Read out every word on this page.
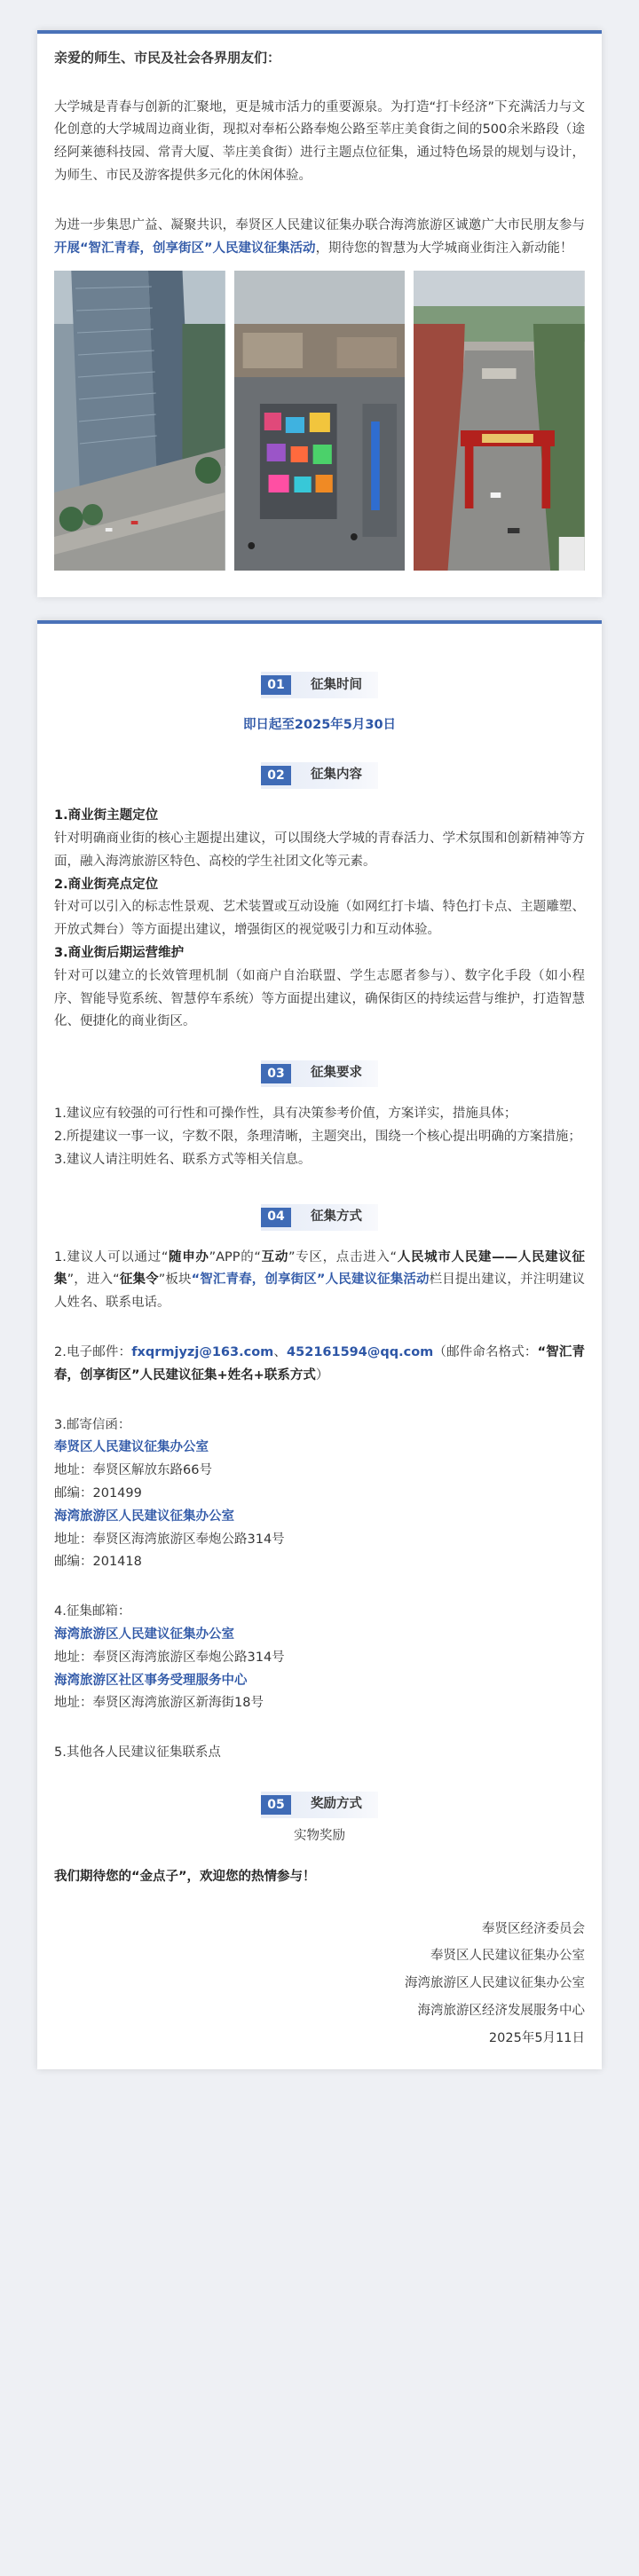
亲爱的师生、市民及社会各界朋友们：

大学城是青春与创新的汇聚地，更是城市活力的重要源泉。为打造“打卡经济”下充满活力与文化创意的大学城周边商业街，现拟对奉柘公路奉炮公路至莘庄美食街之间的500余米路段（途经阿莱德科技园、常青大厦、莘庄美食街）进行主题点位征集，通过特色场景的规划与设计，为师生、市民及游客提供多元化的休闲体验。

为进一步集思广益、凝聚共识，奉贤区人民建议征集办联合海湾旅游区诚邀广大市民朋友参与开展“智汇青春，创享街区”人民建议征集活动，期待您的智慧为大学城商业街注入新动能！

01	征集时间

即日起至2025年5月30日

02	征集内容

1.商业街主题定位

针对明确商业街的核心主题提出建议，可以围绕大学城的青春活力、学术氛围和创新精神等方面，融入海湾旅游区特色、高校的学生社团文化等元素。

2.商业街亮点定位

针对可以引入的标志性景观、艺术装置或互动设施（如网红打卡墙、特色打卡点、主题雕塑、开放式舞台）等方面提出建议，增强街区的视觉吸引力和互动体验。

3.商业街后期运营维护

针对可以建立的长效管理机制（如商户自治联盟、学生志愿者参与）、数字化手段（如小程序、智能导览系统、智慧停车系统）等方面提出建议，确保街区的持续运营与维护，打造智慧化、便捷化的商业街区。

03	征集要求

1.建议应有较强的可行性和可操作性，具有决策参考价值，方案详实，措施具体；

2.所提建议一事一议，字数不限，条理清晰，主题突出，围绕一个核心提出明确的方案措施；

3.建议人请注明姓名、联系方式等相关信息。

04	征集方式

1.建议人可以通过“随申办”APP的“互动”专区，点击进入“人民城市人民建——人民建议征集”，进入“征集令”板块“智汇青春，创享街区”人民建议征集活动栏目提出建议，并注明建议人姓名、联系电话。

2.电子邮件：fxqrmjyzj@163.com、452161594@qq.com（邮件命名格式：“智汇青春，创享街区”人民建议征集+姓名+联系方式）

3.邮寄信函：
奉贤区人民建议征集办公室
地址：奉贤区解放东路66号
邮编：201499
海湾旅游区人民建议征集办公室
地址：奉贤区海湾旅游区奉炮公路314号
邮编：201418
4.征集邮箱：
海湾旅游区人民建议征集办公室
地址：奉贤区海湾旅游区奉炮公路314号
海湾旅游区社区事务受理服务中心
地址：奉贤区海湾旅游区新海街18号

5.其他各人民建议征集联系点

05	奖励方式

实物奖励

我们期待您的“金点子”，欢迎您的热情参与！

奉贤区经济委员会
奉贤区人民建议征集办公室
海湾旅游区人民建议征集办公室
海湾旅游区经济发展服务中心
2025年5月11日
